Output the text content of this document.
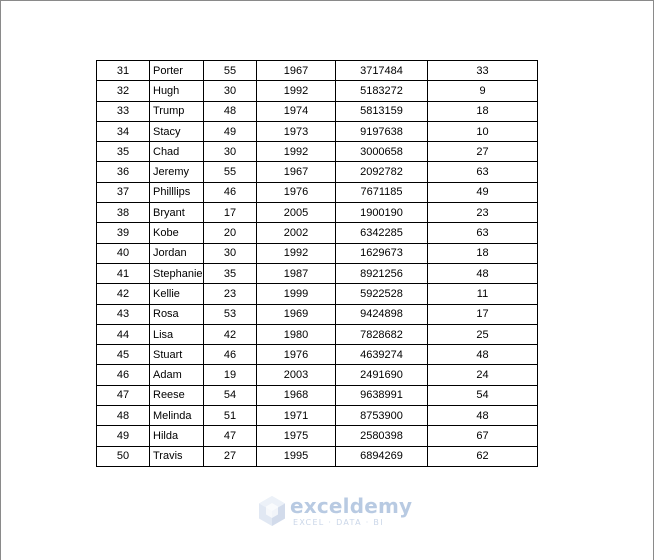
31	Porter	55	1967	3717484	33
32	Hugh	30	1992	5183272	9
33	Trump	48	1974	5813159	18
34	Stacy	49	1973	9197638	10
35	Chad	30	1992	3000658	27
36	Jeremy	55	1967	2092782	63
37	Philllips	46	1976	7671185	49
38	Bryant	17	2005	1900190	23
39	Kobe	20	2002	6342285	63
40	Jordan	30	1992	1629673	18
41	Stephanie	35	1987	8921256	48
42	Kellie	23	1999	5922528	11
43	Rosa	53	1969	9424898	17
44	Lisa	42	1980	7828682	25
45	Stuart	46	1976	4639274	48
46	Adam	19	2003	2491690	24
47	Reese	54	1968	9638991	54
48	Melinda	51	1971	8753900	48
49	Hilda	47	1975	2580398	67
50	Travis	27	1995	6894269	62
exceldemy
EXCEL · DATA · BI
